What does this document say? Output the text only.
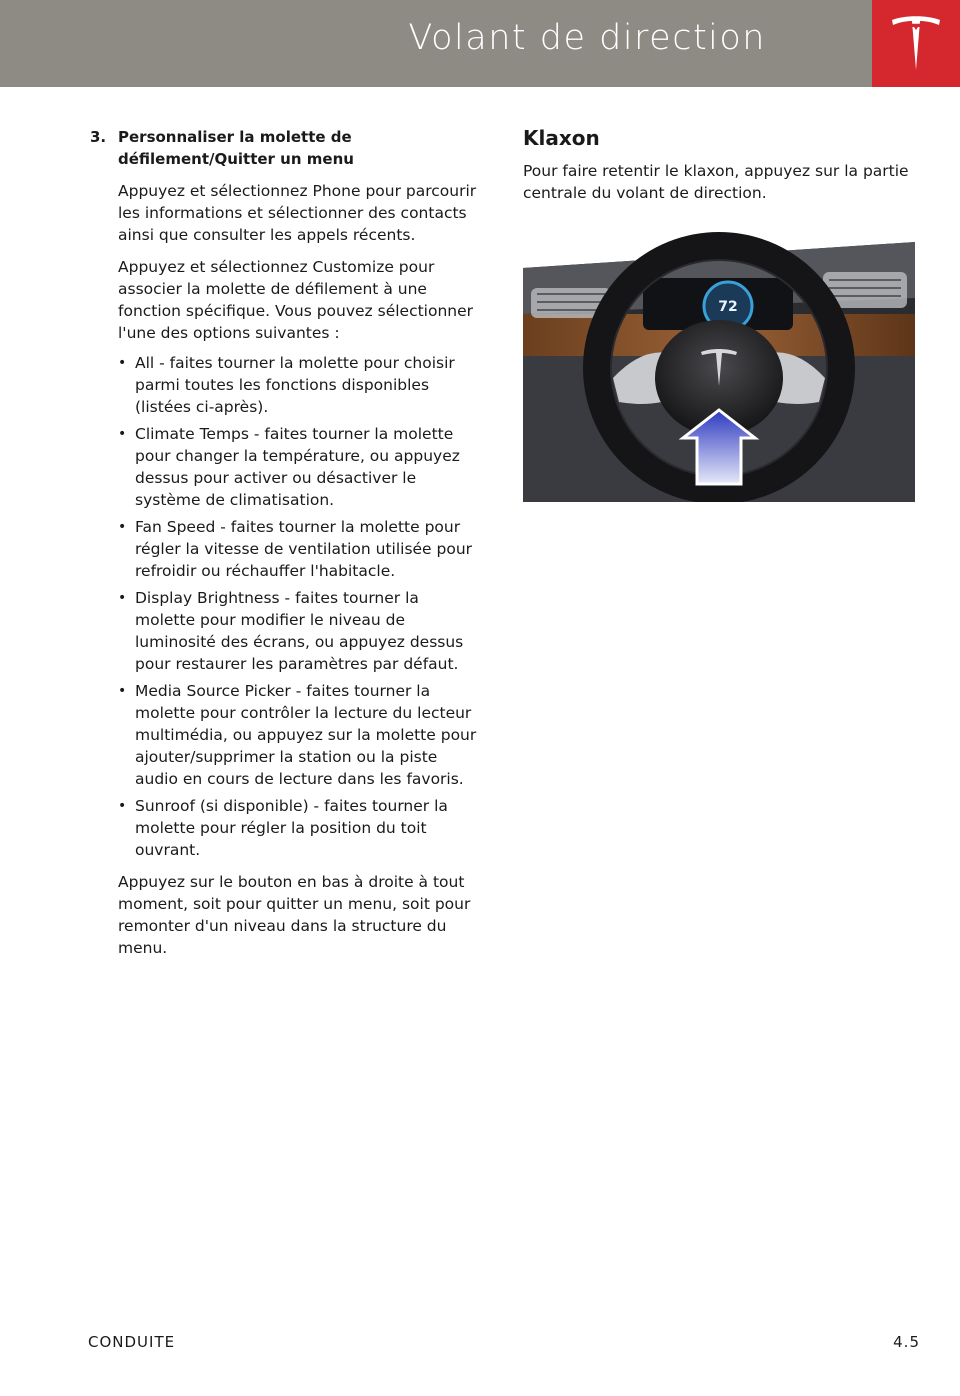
Volant de direction
3. Personnaliser la molette de défilement/Quitter un menu

Appuyez et sélectionnez Phone pour parcourir les informations et sélectionner des contacts ainsi que consulter les appels récents.

Appuyez et sélectionnez Customize pour associer la molette de défilement à une fonction spécifique. Vous pouvez sélectionner l'une des options suivantes :

• All - faites tourner la molette pour choisir parmi toutes les fonctions disponibles (listées ci-après).
• Climate Temps - faites tourner la molette pour changer la température, ou appuyez dessus pour activer ou désactiver le système de climatisation.
• Fan Speed - faites tourner la molette pour régler la vitesse de ventilation utilisée pour refroidir ou réchauffer l'habitacle.
• Display Brightness - faites tourner la molette pour modifier le niveau de luminosité des écrans, ou appuyez dessus pour restaurer les paramètres par défaut.
• Media Source Picker - faites tourner la molette pour contrôler la lecture du lecteur multimédia, ou appuyez sur la molette pour ajouter/supprimer la station ou la piste audio en cours de lecture dans les favoris.
• Sunroof (si disponible) - faites tourner la molette pour régler la position du toit ouvrant.

Appuyez sur le bouton en bas à droite à tout moment, soit pour quitter un menu, soit pour remonter d'un niveau dans la structure du menu.

Klaxon

Pour faire retentir le klaxon, appuyez sur la partie centrale du volant de direction.

72
CONDUITE	4.5
